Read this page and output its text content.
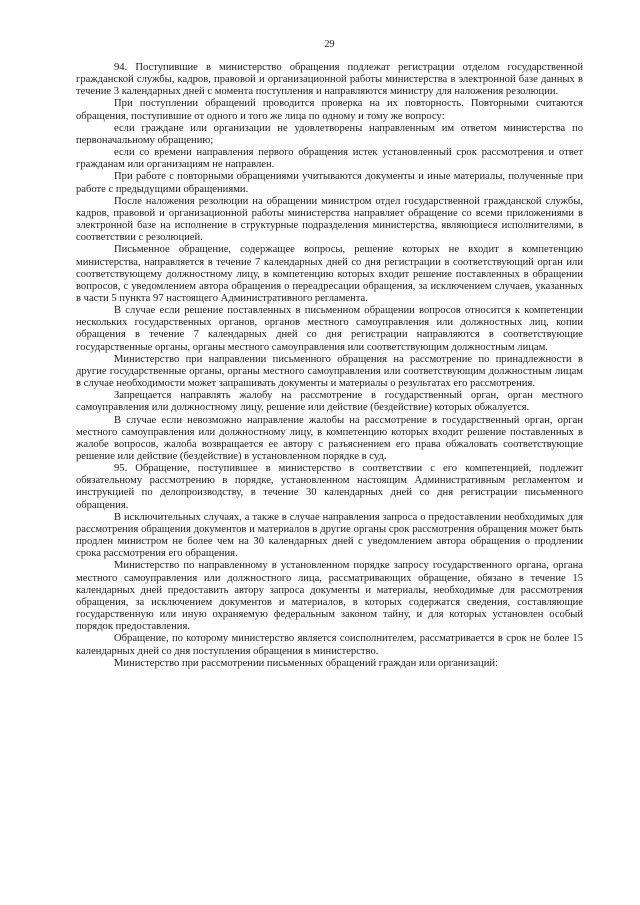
29

94. Поступившие в министерство обращения подлежат регистрации отделом государственной гражданской службы, кадров, правовой и организационной работы министерства в электронной базе данных в течение 3 календарных дней с момента поступления и направляются министру для наложения резолюции.

При поступлении обращений проводится проверка на их повторность. Повторными считаются обращения, поступившие от одного и того же лица по одному и тому же вопросу:

если граждане или организации не удовлетворены направленным им ответом министерства по первоначальному обращению;

если со времени направления первого обращения истек установленный срок рассмотрения и ответ гражданам или организациям не направлен.

При работе с повторными обращениями учитываются документы и иные материалы, полученные при работе с предыдущими обращениями.

После наложения резолюции на обращении министром отдел государственной гражданской службы, кадров, правовой и организационной работы министерства направляет обращение со всеми приложениями в электронной базе на исполнение в структурные подразделения министерства, являющиеся исполнителями, в соответствии с резолюцией.

Письменное обращение, содержащее вопросы, решение которых не входит в компетенцию министерства, направляется в течение 7 календарных дней со дня регистрации в соответствующий орган или соответствующему должностному лицу, в компетенцию которых входит решение поставленных в обращении вопросов, с уведомлением автора обращения о переадресации обращения, за исключением случаев, указанных в части 5 пункта 97 настоящего Административного регламента.

В случае если решение поставленных в письменном обращении вопросов относится к компетенции нескольких государственных органов, органов местного самоуправления или должностных лиц, копии обращения в течение 7 календарных дней со дня регистрации направляются в соответствующие государственные органы, органы местного самоуправления или соответствующим должностным лицам.

Министерство при направлении письменного обращения на рассмотрение по принадлежности в другие государственные органы, органы местного самоуправления или соответствующим должностным лицам в случае необходимости может запрашивать документы и материалы о результатах его рассмотрения.

Запрещается направлять жалобу на рассмотрение в государственный орган, орган местного самоуправления или должностному лицу, решение или действие (бездействие) которых обжалуется.

В случае если невозможно направление жалобы на рассмотрение в государственный орган, орган местного самоуправления или должностному лицу, в компетенцию которых входит решение поставленных в жалобе вопросов, жалоба возвращается ее автору с разъяснением его права обжаловать соответствующие решение или действие (бездействие) в установленном порядке в суд.

95. Обращение, поступившее в министерство в соответствии с его компетенцией, подлежит обязательному рассмотрению в порядке, установленном настоящим Административным регламентом и инструкцией по делопроизводству, в течение 30 календарных дней со дня регистрации письменного обращения.

В исключительных случаях, а также в случае направления запроса о предоставлении необходимых для рассмотрения обращения документов и материалов в другие органы срок рассмотрения обращения может быть продлен министром не более чем на 30 календарных дней с уведомлением автора обращения о продлении срока рассмотрения его обращения.

Министерство по направленному в установленном порядке запросу государственного органа, органа местного самоуправления или должностного лица, рассматривающих обращение, обязано в течение 15 календарных дней предоставить автору запроса документы и материалы, необходимые для рассмотрения обращения, за исключением документов и материалов, в которых содержатся сведения, составляющие государственную или иную охраняемую федеральным законом тайну, и для которых установлен особый порядок предоставления.

Обращение, по которому министерство является соисполнителем, рассматривается в срок не более 15 календарных дней со дня поступления обращения в министерство.

Министерство при рассмотрении письменных обращений граждан или организаций:
